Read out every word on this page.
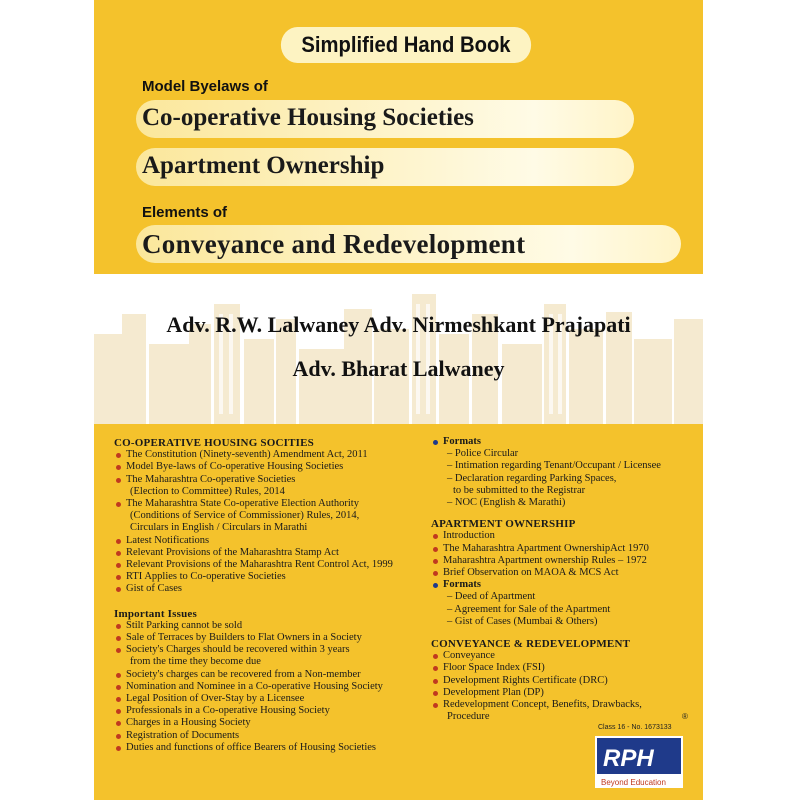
Simplified Hand Book
Model Byelaws of
Co-operative Housing Societies
Apartment Ownership
Elements of
Conveyance and Redevelopment
Adv. R.W. Lalwaney Adv. Nirmeshkant Prajapati
Adv. Bharat Lalwaney
CO-OPERATIVE HOUSING SOCITIES
The Constitution (Ninety-seventh) Amendment Act, 2011
Model Bye-laws of Co-operative Housing Societies
The Maharashtra Co-operative Societies
(Election to Committee) Rules, 2014
The Maharashtra State Co-operative Election Authority
(Conditions of Service of Commissioner) Rules, 2014,
Circulars in English / Circulars in Marathi
Latest Notifications
Relevant Provisions of the Maharashtra Stamp Act
Relevant Provisions of the Maharashtra Rent Control Act, 1999
RTI Applies to Co-operative Societies
Gist of Cases
Important Issues
Stilt Parking cannot be sold
Sale of Terraces by Builders to Flat Owners in a Society
Society's Charges should be recovered within 3 years
from the time they become due
Society's charges can be recovered from a Non-member
Nomination and Nominee in a Co-operative Housing Society
Legal Position of Over-Stay by a Licensee
Professionals in a Co-operative Housing Society
Charges in a Housing Society
Registration of Documents
Duties and functions of office Bearers of Housing Societies
Formats
– Police Circular
– Intimation regarding Tenant/Occupant / Licensee
– Declaration regarding Parking Spaces,
to be submitted to the Registrar
– NOC (English & Marathi)
APARTMENT OWNERSHIP
Introduction
The Maharashtra Apartment OwnershipAct 1970
Maharashtra Apartment ownership Rules – 1972
Brief Observation on MAOA & MCS Act
Formats
– Deed of Apartment
– Agreement for Sale of the Apartment
– Gist of Cases (Mumbai & Others)
CONVEYANCE & REDEVELOPMENT
Conveyance
Floor Space Index (FSI)
Development Rights Certificate (DRC)
Development Plan (DP)
Redevelopment Concept, Benefits, Drawbacks,
Procedure	®
Class 16 - No. 1673133
RPH
Beyond Education
